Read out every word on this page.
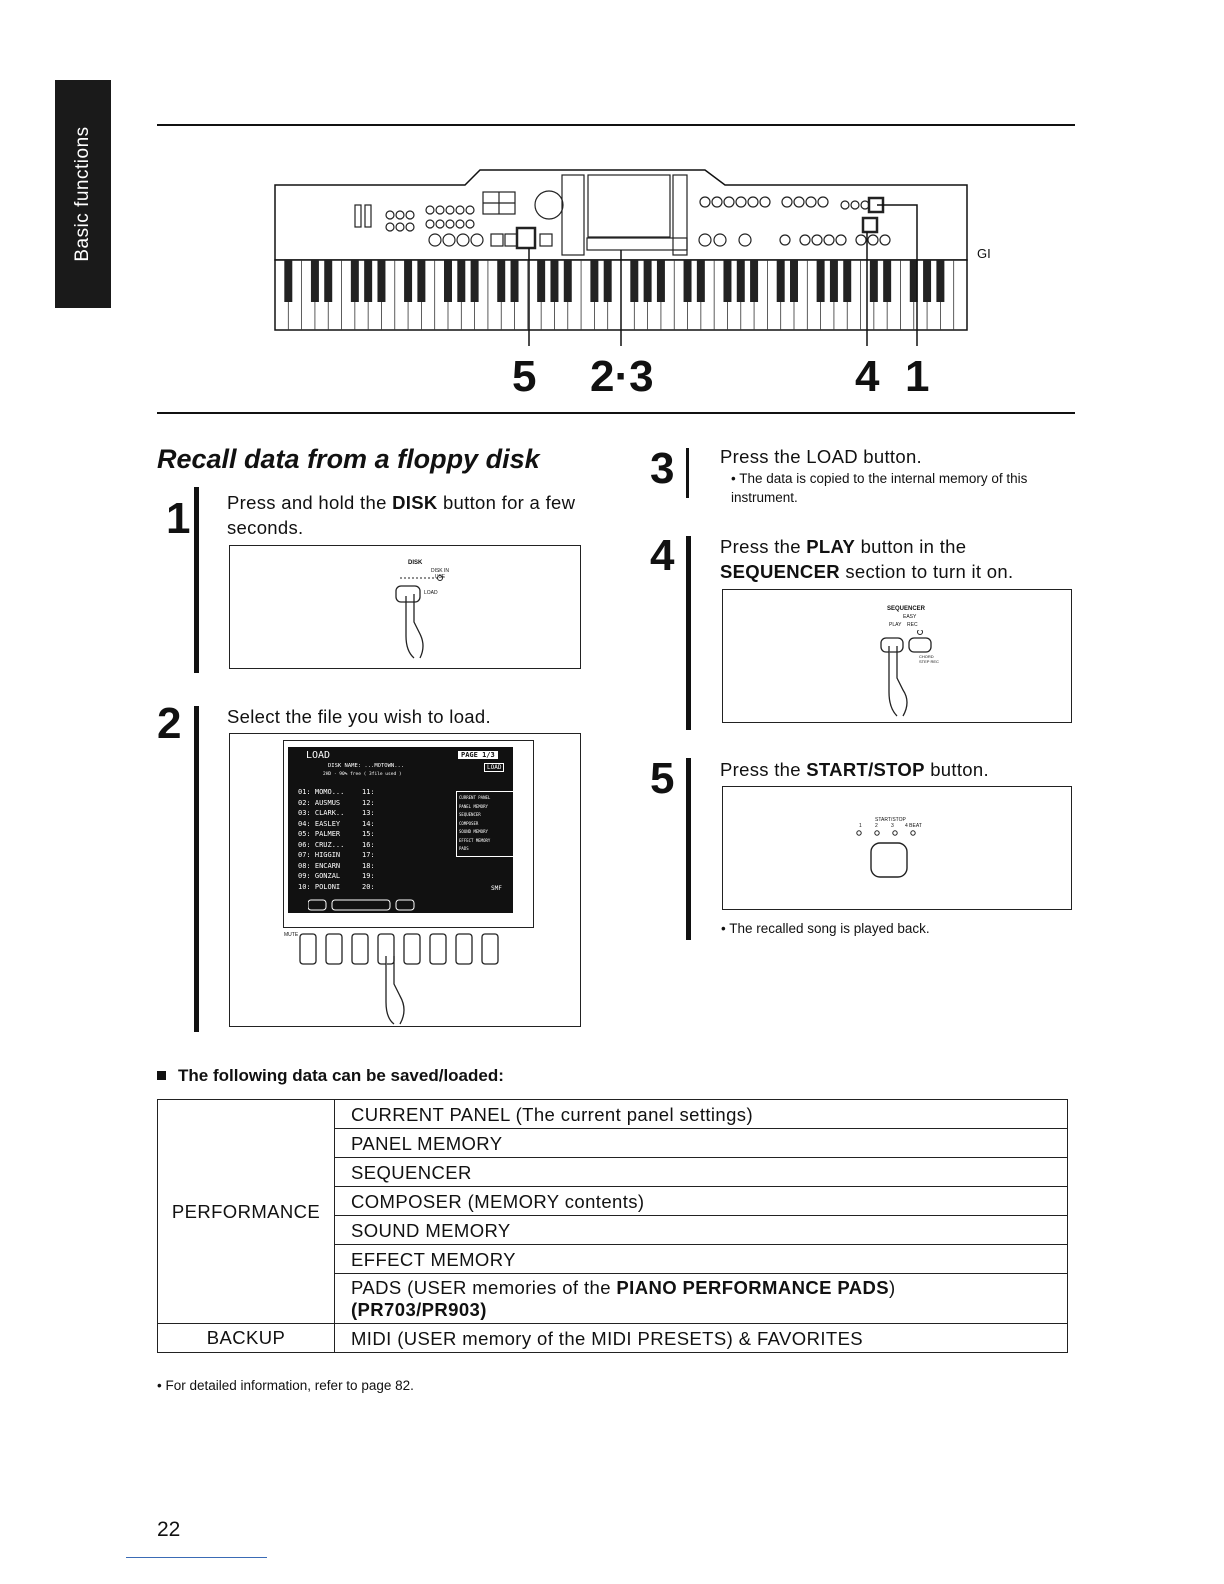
Basic functions
5 2·3	4 1
GI
Recall data from a floppy disk
1 Press and hold the DISK button for a few seconds.
DISK
DISK IN USE
LOAD
2 Select the file you wish to load.
LOAD	PAGE 1/3
DISK NAME: ...MOTOWN...
2HD · 90% free ( 3file used )
LOAD
01: MOMO...
02: AUSMUS
03: CLARK..
04: EASLEY
05: PALMER
06: CRUZ...
07: HIGGIN
08: ENCARN
09: GONZAL
10: POLONI
11:
12:
13:
14:
15:
16:
17:
18:
19:
20:
CURRENT PANEL
PANEL MEMORY
SEQUENCER
COMPOSER
SOUND MEMORY
EFFECT MEMORY
PADS
SMF
MUTE
3 Press the LOAD button.
• The data is copied to the internal memory of this instrument.
4 Press the PLAY button in the SEQUENCER section to turn it on.
SEQUENCER
EASY
PLAY REC
CHORD STEP REC
5 Press the START/STOP button.
START/STOP
1	2	3 4 BEAT
• The recalled song is played back.
The following data can be saved/loaded:
PERFORMANCE	CURRENT PANEL (The current panel settings)
	PANEL MEMORY
	SEQUENCER
	COMPOSER (MEMORY contents)
	SOUND MEMORY
	EFFECT MEMORY
	PADS (USER memories of the PIANO PERFORMANCE PADS)
(PR703/PR903)
BACKUP	MIDI (USER memory of the MIDI PRESETS) & FAVORITES
• For detailed information, refer to page 82.
22
